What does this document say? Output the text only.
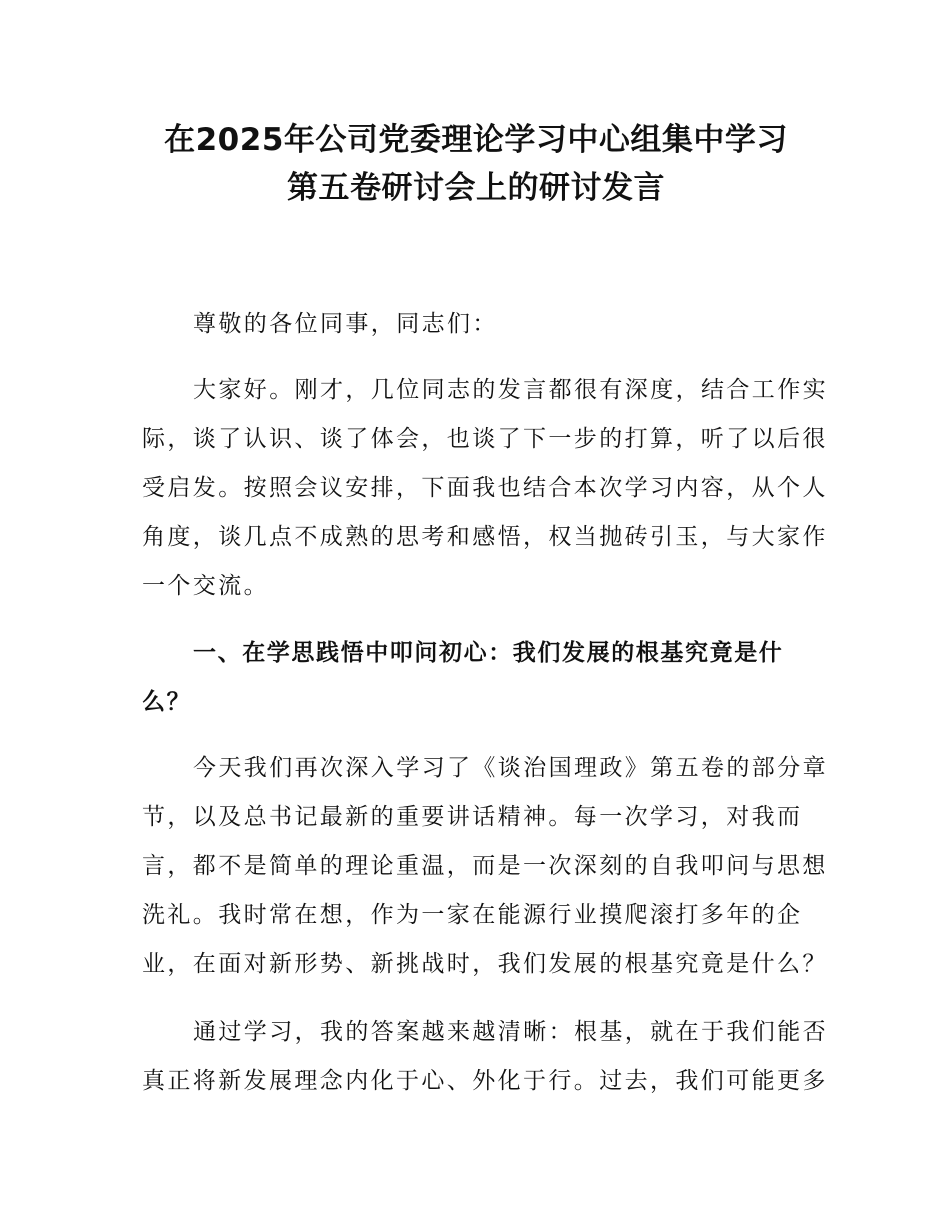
在2025年公司党委理论学习中心组集中学习
第五卷研讨会上的研讨发言
尊敬的各位同事，同志们：
大家好。刚才，几位同志的发言都很有深度，结合工作实
际，谈了认识、谈了体会，也谈了下一步的打算，听了以后很
受启发。按照会议安排，下面我也结合本次学习内容，从个人
角度，谈几点不成熟的思考和感悟，权当抛砖引玉，与大家作
一个交流。
一、在学思践悟中叩问初心：我们发展的根基究竟是什
么？
今天我们再次深入学习了《谈治国理政》第五卷的部分章
节，以及总书记最新的重要讲话精神。每一次学习，对我而
言，都不是简单的理论重温，而是一次深刻的自我叩问与思想
洗礼。我时常在想，作为一家在能源行业摸爬滚打多年的企
业，在面对新形势、新挑战时，我们发展的根基究竟是什么？
通过学习，我的答案越来越清晰：根基，就在于我们能否
真正将新发展理念内化于心、外化于行。过去，我们可能更多
